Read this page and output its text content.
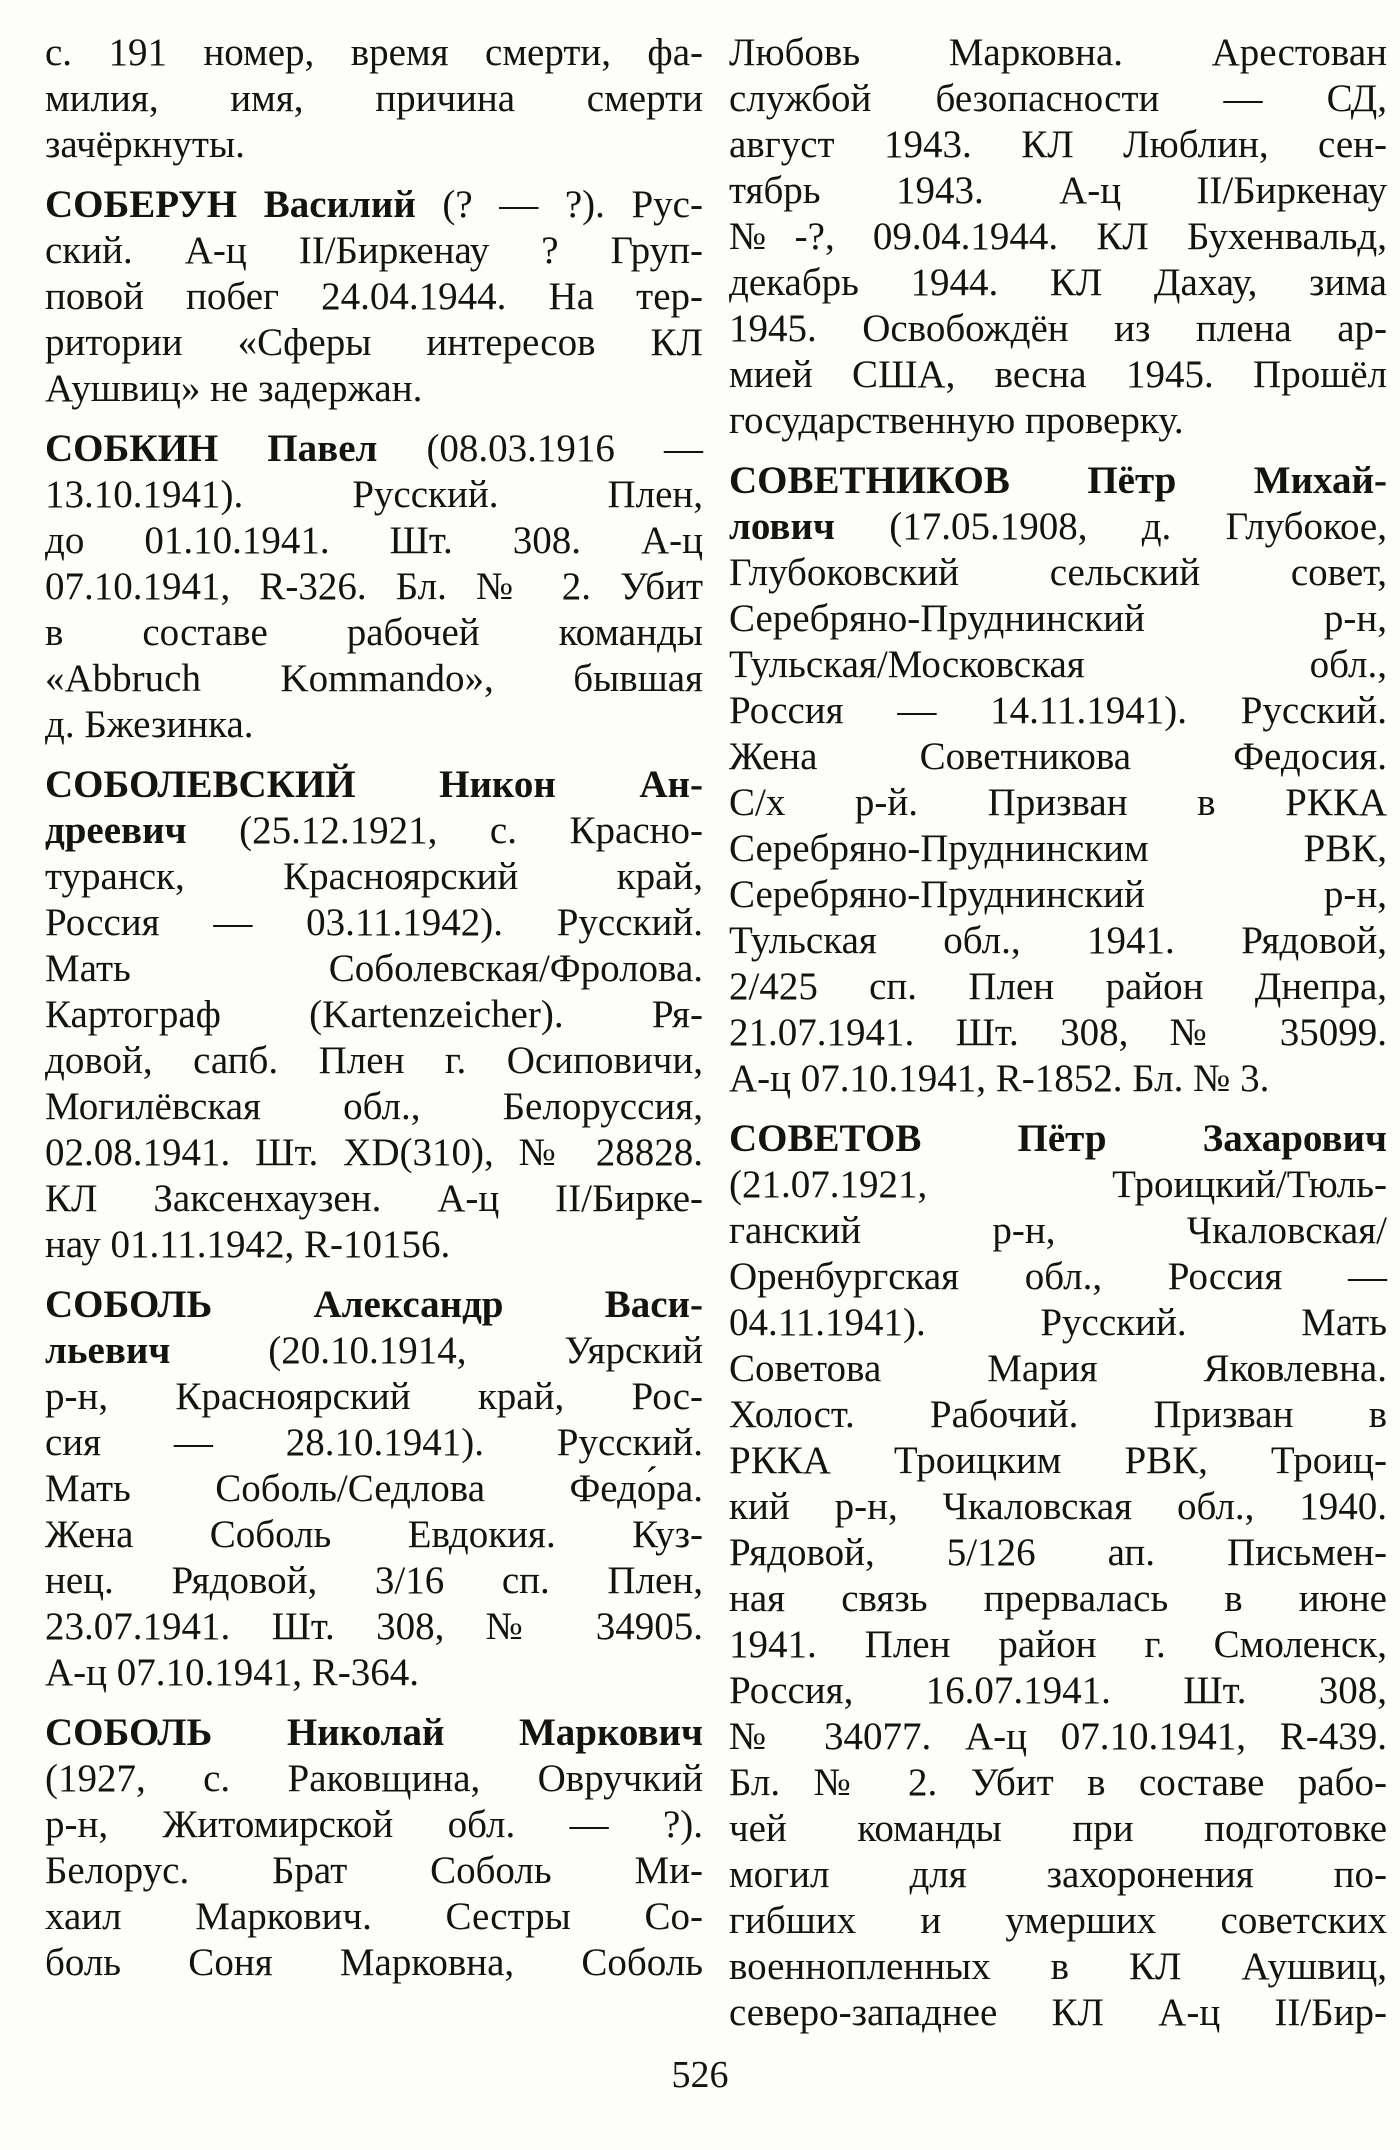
с. 191 номер, время смерти, фа-
милия, имя, причина смерти
зачёркнуты.
СОБЕРУН Василий (? — ?). Рус-
ский. А-ц II/Биркенау ? Груп-
повой побег 24.04.1944. На тер-
ритории «Сферы интересов КЛ
Аушвиц» не задержан.
СОБКИН Павел (08.03.1916 —
13.10.1941). Русский. Плен,
до 01.10.1941. Шт. 308. А-ц
07.10.1941, R-326. Бл. № 2. Убит
в составе рабочей команды
«Abbruch Kommando», бывшая
д. Бжезинка.
СОБОЛЕВСКИЙ Никон Ан-
дреевич (25.12.1921, с. Красно-
туранск, Красноярский край,
Россия — 03.11.1942). Русский.
Мать Соболевская/Фролова.
Картограф (Kartenzeicher). Ря-
довой, сапб. Плен г. Осиповичи,
Могилёвская обл., Белоруссия,
02.08.1941. Шт. XD(310), № 28828.
КЛ Заксенхаузен. А-ц II/Бирке-
нау 01.11.1942, R-10156.
СОБОЛЬ Александр Васи-
льевич (20.10.1914, Уярский
р-н, Красноярский край, Рос-
сия — 28.10.1941). Русский.
Мать Соболь/Седлова Федо́ра.
Жена Соболь Евдокия. Куз-
нец. Рядовой, 3/16 сп. Плен,
23.07.1941. Шт. 308, № 34905.
А-ц 07.10.1941, R-364.
СОБОЛЬ Николай Маркович
(1927, с. Раковщина, Овручкий
р-н, Житомирской обл. — ?).
Белорус. Брат Соболь Ми-
хаил Маркович. Сестры Со-
боль Соня Марковна, Соболь
Любовь Марковна. Арестован
службой безопасности — СД,
август 1943. КЛ Люблин, сен-
тябрь 1943. А-ц II/Биркенау
№-?, 09.04.1944. КЛ Бухенвальд,
декабрь 1944. КЛ Дахау, зима
1945. Освобождён из плена ар-
мией США, весна 1945. Прошёл
государственную проверку.
СОВЕТНИКОВ Пётр Михай-
лович (17.05.1908, д. Глубокое,
Глубоковский сельский совет,
Серебряно-Пруднинский р-н,
Тульская/Московская обл.,
Россия — 14.11.1941). Русский.
Жена Советникова Федосия.
С/х р-й. Призван в РККА
Серебряно-Пруднинским РВК,
Серебряно-Пруднинский р-н,
Тульская обл., 1941. Рядовой,
2/425 сп. Плен район Днепра,
21.07.1941. Шт. 308, № 35099.
А-ц 07.10.1941, R-1852. Бл. № 3.
СОВЕТОВ Пётр Захарович
(21.07.1921, Троицкий/Тюль-
ганский р-н, Чкаловская/
Оренбургская обл., Россия —
04.11.1941). Русский. Мать
Советова Мария Яковлевна.
Холост. Рабочий. Призван в
РККА Троицким РВК, Троиц-
кий р-н, Чкаловская обл., 1940.
Рядовой, 5/126 ап. Письмен-
ная связь прервалась в июне
1941. Плен район г. Смоленск,
Россия, 16.07.1941. Шт. 308,
№ 34077. А-ц 07.10.1941, R-439.
Бл. № 2. Убит в составе рабо-
чей команды при подготовке
могил для захоронения по-
гибших и умерших советских
военнопленных в КЛ Аушвиц,
северо-западнее КЛ А-ц II/Бир-
526
